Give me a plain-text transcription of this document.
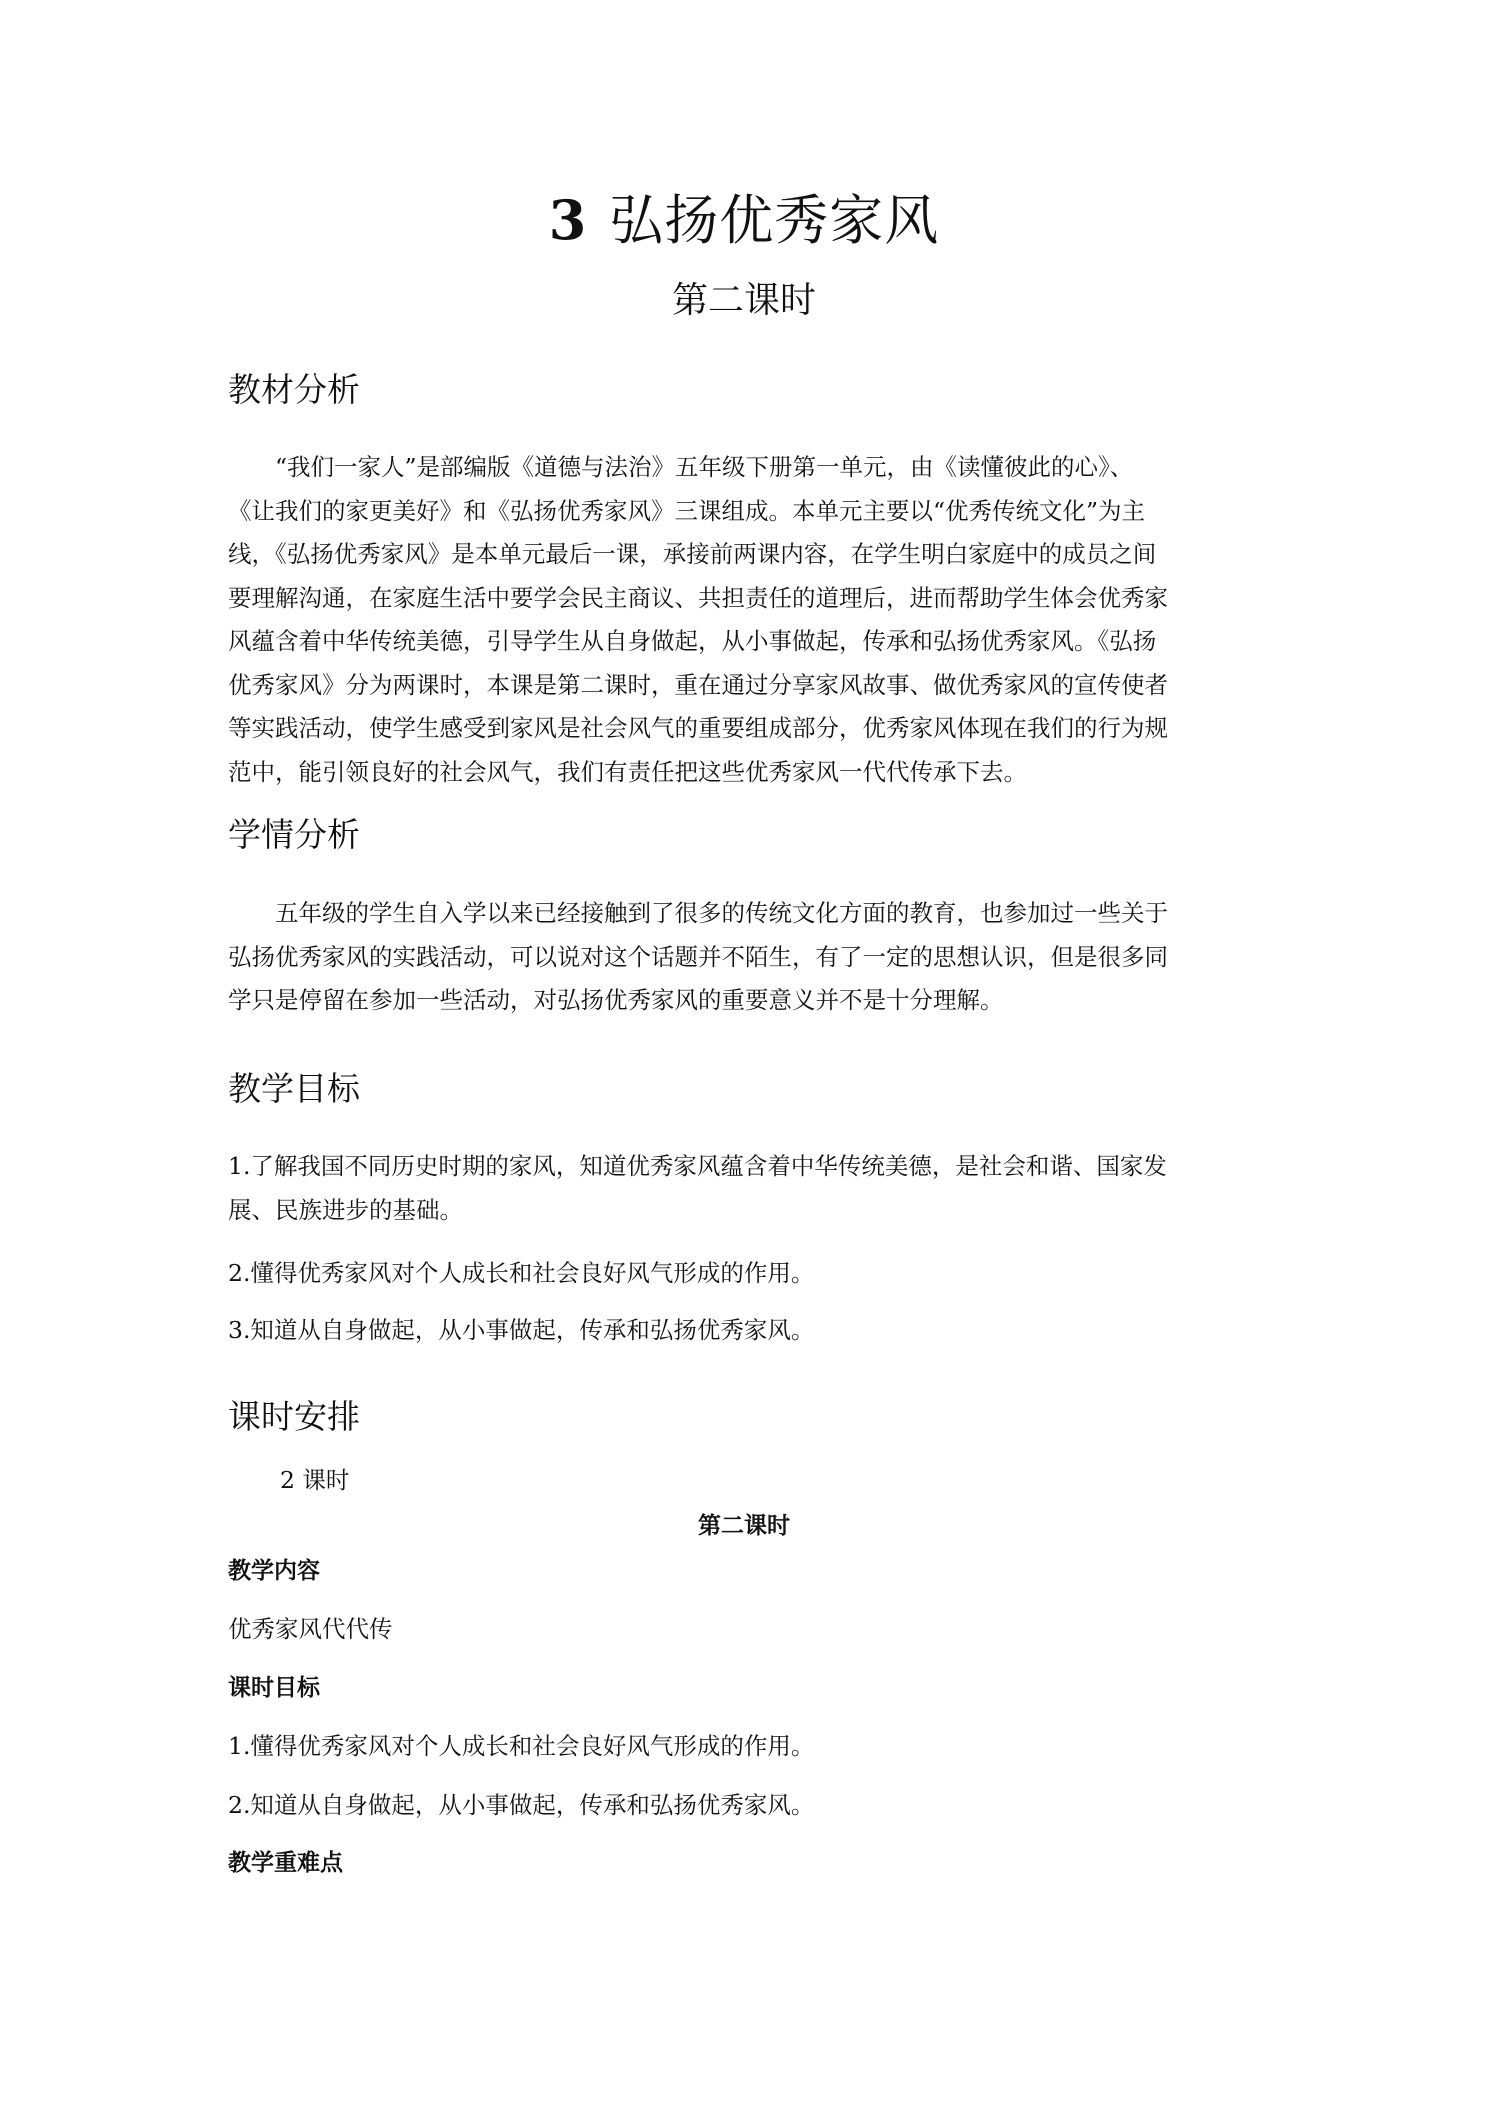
3 弘扬优秀家风
第二课时
教材分析
“我们一家人”是部编版《道德与法治》五年级下册第一单元，由《读懂彼此的心》、
《让我们的家更美好》和《弘扬优秀家风》三课组成。本单元主要以“优秀传统文化”为主
线，《弘扬优秀家风》是本单元最后一课，承接前两课内容，在学生明白家庭中的成员之间
要理解沟通，在家庭生活中要学会民主商议、共担责任的道理后，进而帮助学生体会优秀家
风蕴含着中华传统美德，引导学生从自身做起，从小事做起，传承和弘扬优秀家风。《弘扬
优秀家风》分为两课时，本课是第二课时，重在通过分享家风故事、做优秀家风的宣传使者
等实践活动，使学生感受到家风是社会风气的重要组成部分，优秀家风体现在我们的行为规
范中，能引领良好的社会风气，我们有责任把这些优秀家风一代代传承下去。
学情分析
五年级的学生自入学以来已经接触到了很多的传统文化方面的教育，也参加过一些关于
弘扬优秀家风的实践活动，可以说对这个话题并不陌生，有了一定的思想认识，但是很多同
学只是停留在参加一些活动，对弘扬优秀家风的重要意义并不是十分理解。
教学目标
1.了解我国不同历史时期的家风，知道优秀家风蕴含着中华传统美德，是社会和谐、国家发
展、民族进步的基础。
2.懂得优秀家风对个人成长和社会良好风气形成的作用。
3.知道从自身做起，从小事做起，传承和弘扬优秀家风。
课时安排
2 课时
第二课时
教学内容
优秀家风代代传
课时目标
1.懂得优秀家风对个人成长和社会良好风气形成的作用。
2.知道从自身做起，从小事做起，传承和弘扬优秀家风。
教学重难点
